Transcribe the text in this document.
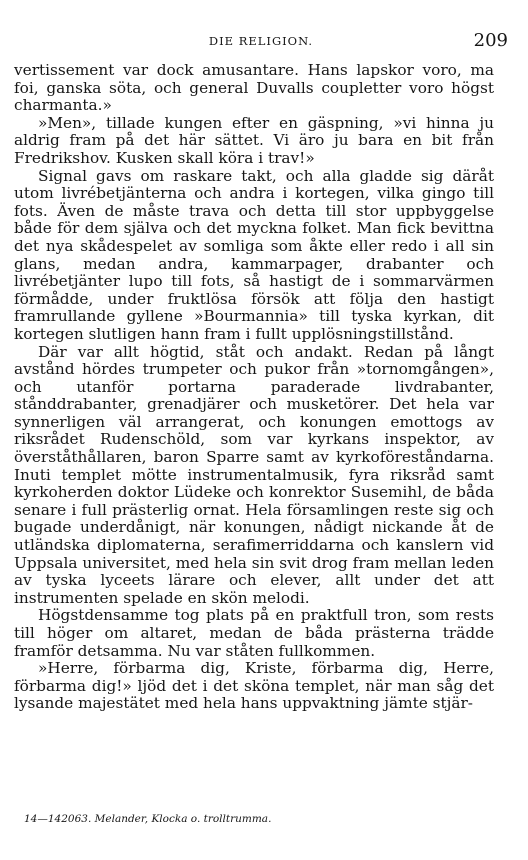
DIE RELIGION.	209

vertissement var dock amusantare. Hans lapskor voro, ma foi, ganska söta, och general Duvalls coupletter voro högst charmanta.»

»Men», tillade kungen efter en gäspning, »vi hinna ju aldrig fram på det här sättet. Vi äro ju bara en bit från Fredrikshov. Kusken skall köra i trav!»

Signal gavs om raskare takt, och alla gladde sig däråt utom livrébetjänterna och andra i kortegen, vilka gingo till fots. Även de måste trava och detta till stor uppbyggelse både för dem själva och det myckna folket. Man fick bevittna det nya skådespelet av somliga som åkte eller redo i all sin glans, medan andra, kammarpager, drabanter och livrébetjänter lupo till fots, så hastigt de i sommarvärmen förmådde, under fruktlösa försök att följa den hastigt framrullande gyllene »Bourmannia» till tyska kyrkan, dit kortegen slutligen hann fram i fullt upplösningstillstånd.

Där var allt högtid, ståt och andakt. Redan på långt avstånd hördes trumpeter och pukor från »tornomgången», och utanför portarna paraderade livdrabanter, stånddrabanter, grenadjärer och musketörer. Det hela var synnerligen väl arrangerat, och konungen emottogs av riksrådet Rudenschöld, som var kyrkans inspektor, av överståthållaren, baron Sparre samt av kyrkoföreståndarna. Inuti templet mötte instrumentalmusik, fyra riksråd samt kyrkoherden doktor Lüdeke och konrektor Susemihl, de båda senare i full prästerlig ornat. Hela församlingen reste sig och bugade underdånigt, när konungen, nådigt nickande åt de utländska diplomaterna, serafimerriddarna och kanslern vid Uppsala universitet, med hela sin svit drog fram mellan leden av tyska lyceets lärare och elever, allt under det att instrumenten spelade en skön melodi.

Högstdensamme tog plats på en praktfull tron, som rests till höger om altaret, medan de båda prästerna trädde framför detsamma. Nu var ståten fullkommen.

»Herre, förbarma dig, Kriste, förbarma dig, Herre, förbarma dig!» ljöd det i det sköna templet, när man såg det lysande majestätet med hela hans uppvaktning jämte stjär-

14—142063. Melander, Klocka o. trolltrumma.
